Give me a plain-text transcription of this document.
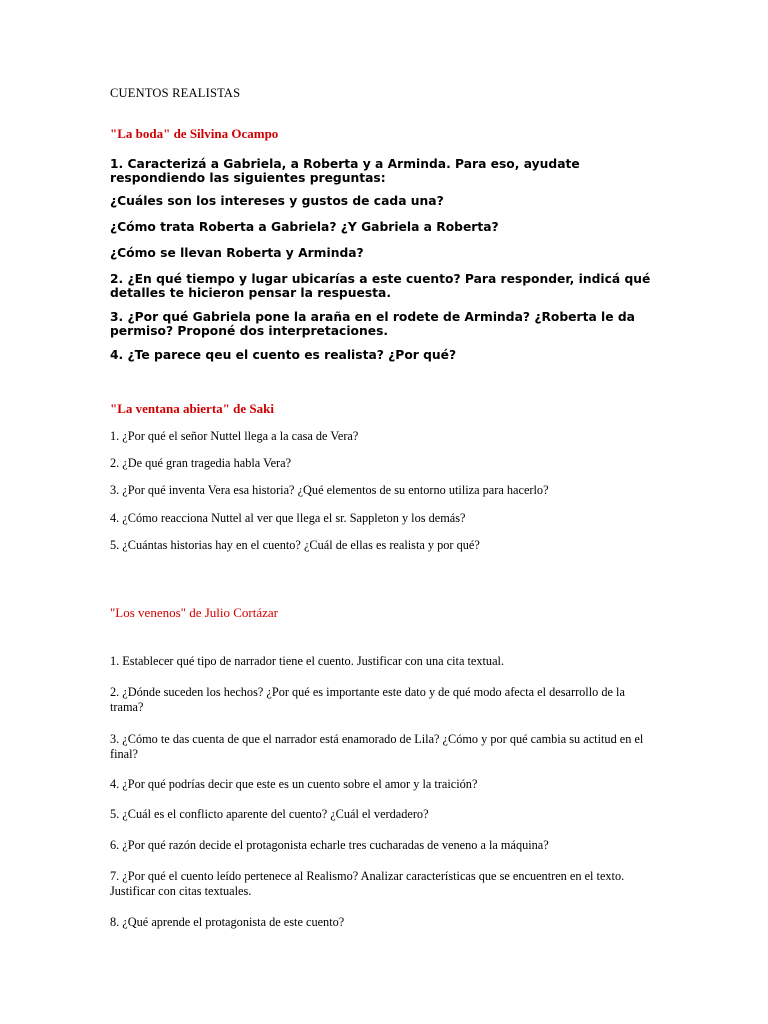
CUENTOS REALISTAS
"La boda" de Silvina Ocampo

1. Caracterizá a Gabriela, a Roberta y a Arminda. Para eso, ayudate respondiendo las siguientes preguntas:

¿Cuáles son los intereses y gustos de cada una?

¿Cómo trata Roberta a Gabriela? ¿Y Gabriela a Roberta?

¿Cómo se llevan Roberta y Arminda?

2. ¿En qué tiempo y lugar ubicarías a este cuento? Para responder, indicá qué detalles te hicieron pensar la respuesta.

3. ¿Por qué Gabriela pone la araña en el rodete de Arminda? ¿Roberta le da permiso? Proponé dos interpretaciones.

4. ¿Te parece qeu el cuento es realista? ¿Por qué?

"La ventana abierta" de Saki

1. ¿Por qué el señor Nuttel llega a la casa de Vera?

2. ¿De qué gran tragedia habla Vera?

3. ¿Por qué inventa Vera esa historia? ¿Qué elementos de su entorno utiliza para hacerlo?

4. ¿Cómo reacciona Nuttel al ver que llega el sr. Sappleton y los demás?

5. ¿Cuántas historias hay en el cuento? ¿Cuál de ellas es realista y por qué?

"Los venenos" de Julio Cortázar

1. Establecer qué tipo de narrador tiene el cuento. Justificar con una cita textual.

2. ¿Dónde suceden los hechos? ¿Por qué es importante este dato y de qué modo afecta el desarrollo de la trama?

3. ¿Cómo te das cuenta de que el narrador está enamorado de Lila? ¿Cómo y por qué cambia su actitud en el final?

4. ¿Por qué podrías decir que este es un cuento sobre el amor y la traición?

5. ¿Cuál es el conflicto aparente del cuento? ¿Cuál el verdadero?

6. ¿Por qué razón decide el protagonista echarle tres cucharadas de veneno a la máquina?

7. ¿Por qué el cuento leído pertenece al Realismo? Analizar características que se encuentren en el texto. Justificar con citas textuales.

8. ¿Qué aprende el protagonista de este cuento?
